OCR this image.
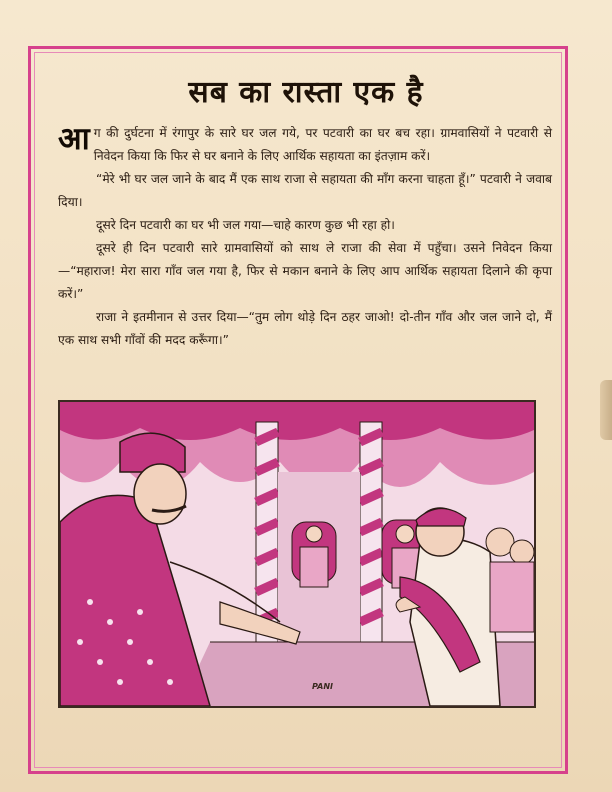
सब का रास्ता एक है

आग की दुर्घटना में रंगापुर के सारे घर जल गये, पर पटवारी का घर बच रहा। ग्रामवासियों ने पटवारी से निवेदन किया कि फिर से घर बनाने के लिए आर्थिक सहायता का इंतज़ाम करें।

“मेरे भी घर जल जाने के बाद मैं एक साथ राजा से सहायता की माँग करना चाहता हूँ।” पटवारी ने जवाब दिया।

दूसरे दिन पटवारी का घर भी जल गया—चाहे कारण कुछ भी रहा हो।

दूसरे ही दिन पटवारी सारे ग्रामवासियों को साथ ले राजा की सेवा में पहुँचा। उसने निवेदन किया—“महाराज! मेरा सारा गाँव जल गया है, फिर से मकान बनाने के लिए आप आर्थिक सहायता दिलाने की कृपा करें।”

राजा ने इतमीनान से उत्तर दिया—“तुम लोग थोड़े दिन ठहर जाओ! दो-तीन गाँव और जल जाने दो, मैं एक साथ सभी गाँवों की मदद करूँगा।”

PANI
